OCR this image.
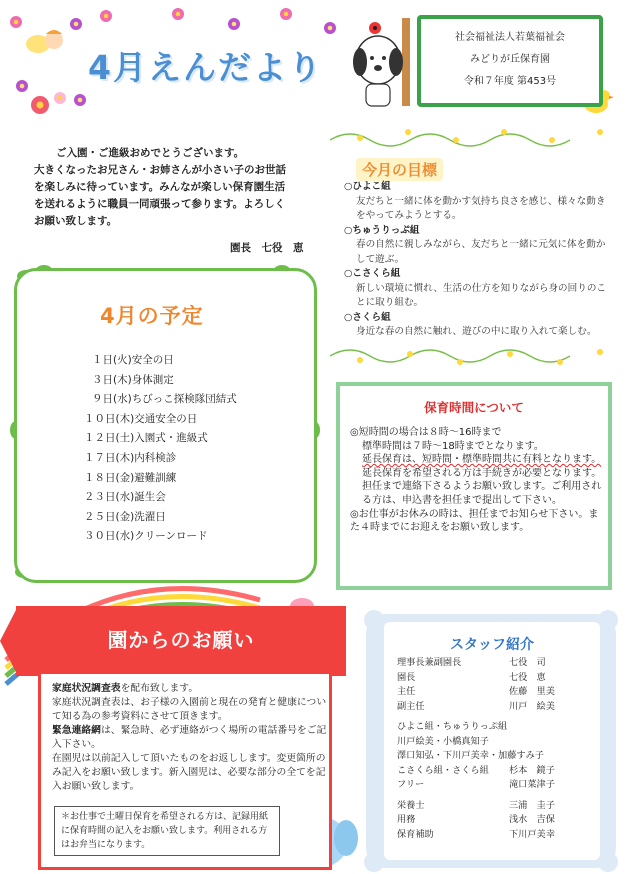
4月えんだより
社会福祉法人若葉福祉会
みどりが丘保育園
令和７年度 第453号

ご入園・ご進級おめでとうございます。

大きくなったお兄さん・お姉さんが小さい子のお世話

を楽しみに待っています。みんなが楽しい保育園生活

を送れるように職員一同頑張って参ります。よろしく

お願い致します。

園長　七役　恵
今月の目標
○ひよこ組
友だちと一緒に体を動かす気持ち良さを感じ、様々な動きをやってみようとする。
○ちゅうりっぷ組
春の自然に親しみながら、友だちと一緒に元気に体を動かして遊ぶ。
○こさくら組
新しい環境に慣れ、生活の仕方を知りながら身の回りのことに取り組む。
○さくら組
身近な春の自然に触れ、遊びの中に取り入れて楽しむ。
4月の予定
１日(火)安全の日
３日(木)身体測定
９日(水)ちびっこ探検隊団結式
１０日(木)交通安全の日
１２日(土)入園式・進級式
１７日(木)内科検診
１８日(金)避難訓練
２３日(水)誕生会
２５日(金)洗濯日
３０日(水)クリーンロード
保育時間について

◎短時間の場合は８時～16時まで

標準時間は７時～18時までとなります。

延長保育は、短時間・標準時間共に有料となります。

延長保育を希望される方は手続きが必要となります。担任まで連絡下さるようお願い致します。ご利用される方は、申込書を担任まで提出して下さい。

◎お仕事がお休みの時は、担任までお知らせ下さい。また４時までにお迎えをお願い致します。

園からのお願い

家庭状況調査表を配布致します。

家庭状況調査表は、お子様の入園前と現在の発育と健康について知る為の参考資料にさせて頂きます。

緊急連絡網は、緊急時、必ず連絡がつく場所の電話番号をご記入下さい。

在園児は以前記入して頂いたものをお返しします。変更箇所のみ記入をお願い致します。新入園児は、必要な部分の全てを記入お願い致します。

＊お仕事で土曜日保育を希望される方は、記録用紙に保育時間の記入をお願い致します。利用される方はお弁当になります。
スタッフ紹介
理事長兼副園長	七役　司
園長	七役　恵
主任	佐藤　里美
副主任	川戸　絵美
ひよこ組・ちゅうりっぷ組
川戸絵美・小橋真知子
澤口知弘・下川戸美幸・加藤すみ子
こさくら組・さくら組	杉本　鏡子
フリー	滝口菜津子
栄養士	三浦　圭子
用務	浅水　吉保
保育補助	下川戸美幸
